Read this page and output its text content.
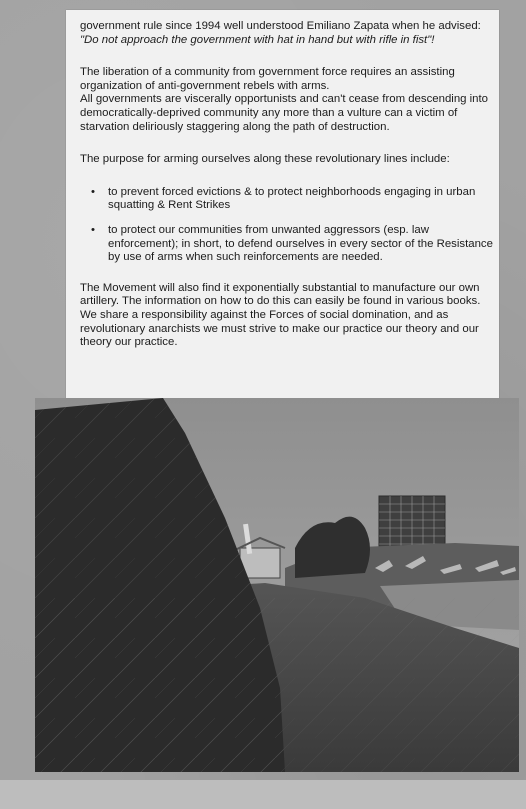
government rule since 1994 well understood Emiliano Zapata when he advised: "Do not approach the government with hat in hand but with rifle in fist"!

The liberation of a community from government force requires an assisting organization of anti-government rebels with arms.

All governments are viscerally opportunists and can't cease from descending into democratically-deprived community any more than a vulture can a victim of starvation deliriously staggering along the path of destruction.

The purpose for arming ourselves along these revolutionary lines include:

•	to prevent forced evictions & to protect neighborhoods engaging in urban squatting & Rent Strikes
•	to protect our communities from unwanted aggressors (esp. law enforcement); in short, to defend ourselves in every sector of the Resistance by use of arms when such reinforcements are needed.

The Movement will also find it exponentially substantial to manufacture our own artillery. The information on how to do this can easily be found in various books.

We share a responsibility against the Forces of social domination, and as revolutionary anarchists we must strive to make our practice our theory and our theory our practice.
